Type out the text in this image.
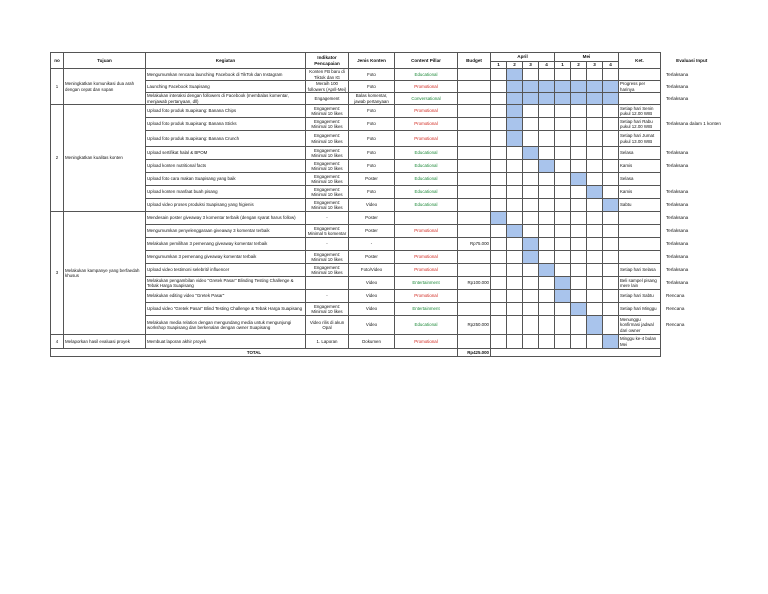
no	Tujuan	Kegiatan	Indikator Pencapaian	Jenis Konten	Content Pillar	Budget	April				Mei				Ket.	Evaluasi Input
							1	2	3	4	1	2	3	4		
1	Meningkatkan komunikasi dua arah dengan cepat dan sopan	Mengumumkan rencana launching Facebook di TikTok dan Instagram	Konten FB baru di Tiktok dan IG	Foto	Educational											Terlaksana
		Launching Facebook Suapisang	Meraih 100 followers (April-Mei)	Foto	Promotional										Progress per harinya	Terlaksana
		Melakukan interaksi dengan followers di Facebook (membalas komentar, menjawab pertanyaan, dll)	Engagement	Balas komentar, jawab pertanyaan	Conversational											Terlaksana
2	Meningkatkan kualitas konten	Upload foto produk Suapisang: Banana Chips	Engagement: Minimal 10 likes	Foto	Promotional										Setiap hari Senin pukul 12.00 WIB	
		Upload foto produk Suapisang: Banana Sticks	Engagement: Minimal 10 likes	Foto	Promotional										Setiap hari Rabu pukul 12.00 WIB	Terlaksana dalam 1 konten
		Upload foto produk Suapisang: Banana Crunch	Engagement: Minimal 10 likes	Foto	Promotional										Setiap hari Jumat pukul 13.00 WIB	
		Upload sertifikat halal & BPOM	Engagement: Minimal 10 likes	Foto	Educational										Selasa	Terlaksana
		Upload konten nutritional facts	Engagement: Minimal 10 likes	Foto	Educational										Kamis	Terlaksana
		Upload foto cara makan Suapisang yang baik	Engagement: Minimal 10 likes	Poster	Educational										Selasa	
		Upload konten manfaat buah pisang	Engagement: Minimal 10 likes	Foto	Educational										Kamis	Terlaksana
		Upload video proses produksi Suapisang yang higienis	Engagement: Minimal 10 likes	Video	Educational										Sabtu	Terlaksana
3	Melakukan kampanye yang berfaedah khusus	Mendesain poster giveaway 3 komentar terbaik (dengan syarat harus follow)	-	Poster												Terlaksana
		Mengumumkan penyelenggaraan giveaway 3 komentar terbaik	Engagement: Minimal 5 komentar	Poster	Promotional											Terlaksana
		Melakukan pemilihan 3 pemenang giveaway komentar terbaik	-	-		Rp75.000										Terlaksana
		Mengumumkan 3 pemenang giveaway komentar terbaik	Engagement: Minimal 10 likes	Poster	Promotional											Terlaksana
		Upload video testimoni selebriti/ influencer	Engagement: Minimal 10 likes	Foto/Video	Promotional										Setiap hari Selasa	Terlaksana
		Melakukan pengambilan video "Gretek Pasar" Blinding Testing Challenge & Tebak Harga Suapisang		Video	Entertainment	Rp100.000									Beli sampel pisang mere lain	Terlaksana
		Melakukan editing video "Gretek Pasar"	-	Video	Promotional										Setiap hari Sabtu	Rencana
		Upload video "Gretek Pasar" Blind Testing Challenge & Tebak Harga Suapisang	Engagement: Minimal 10 likes	Video	Entertainment										Setiap hari Minggu	Rencana
		Melakukan media relation dengan mengundang media untuk mengunjungi workshop Suapisang dan berkenalan dengan owner Suapisang	Video rilis di akun Opal	Video	Educational	Rp250.000									Menunggu konfirmasi jadwal dari owner	Rencana
4	Melaporkan hasil evaluasi proyek	Membuat laporan akhir proyek	1. Laporan	Dokumen	Promotional										Minggu ke-4 bulan Mei	
TOTAL						Rp425.000										
